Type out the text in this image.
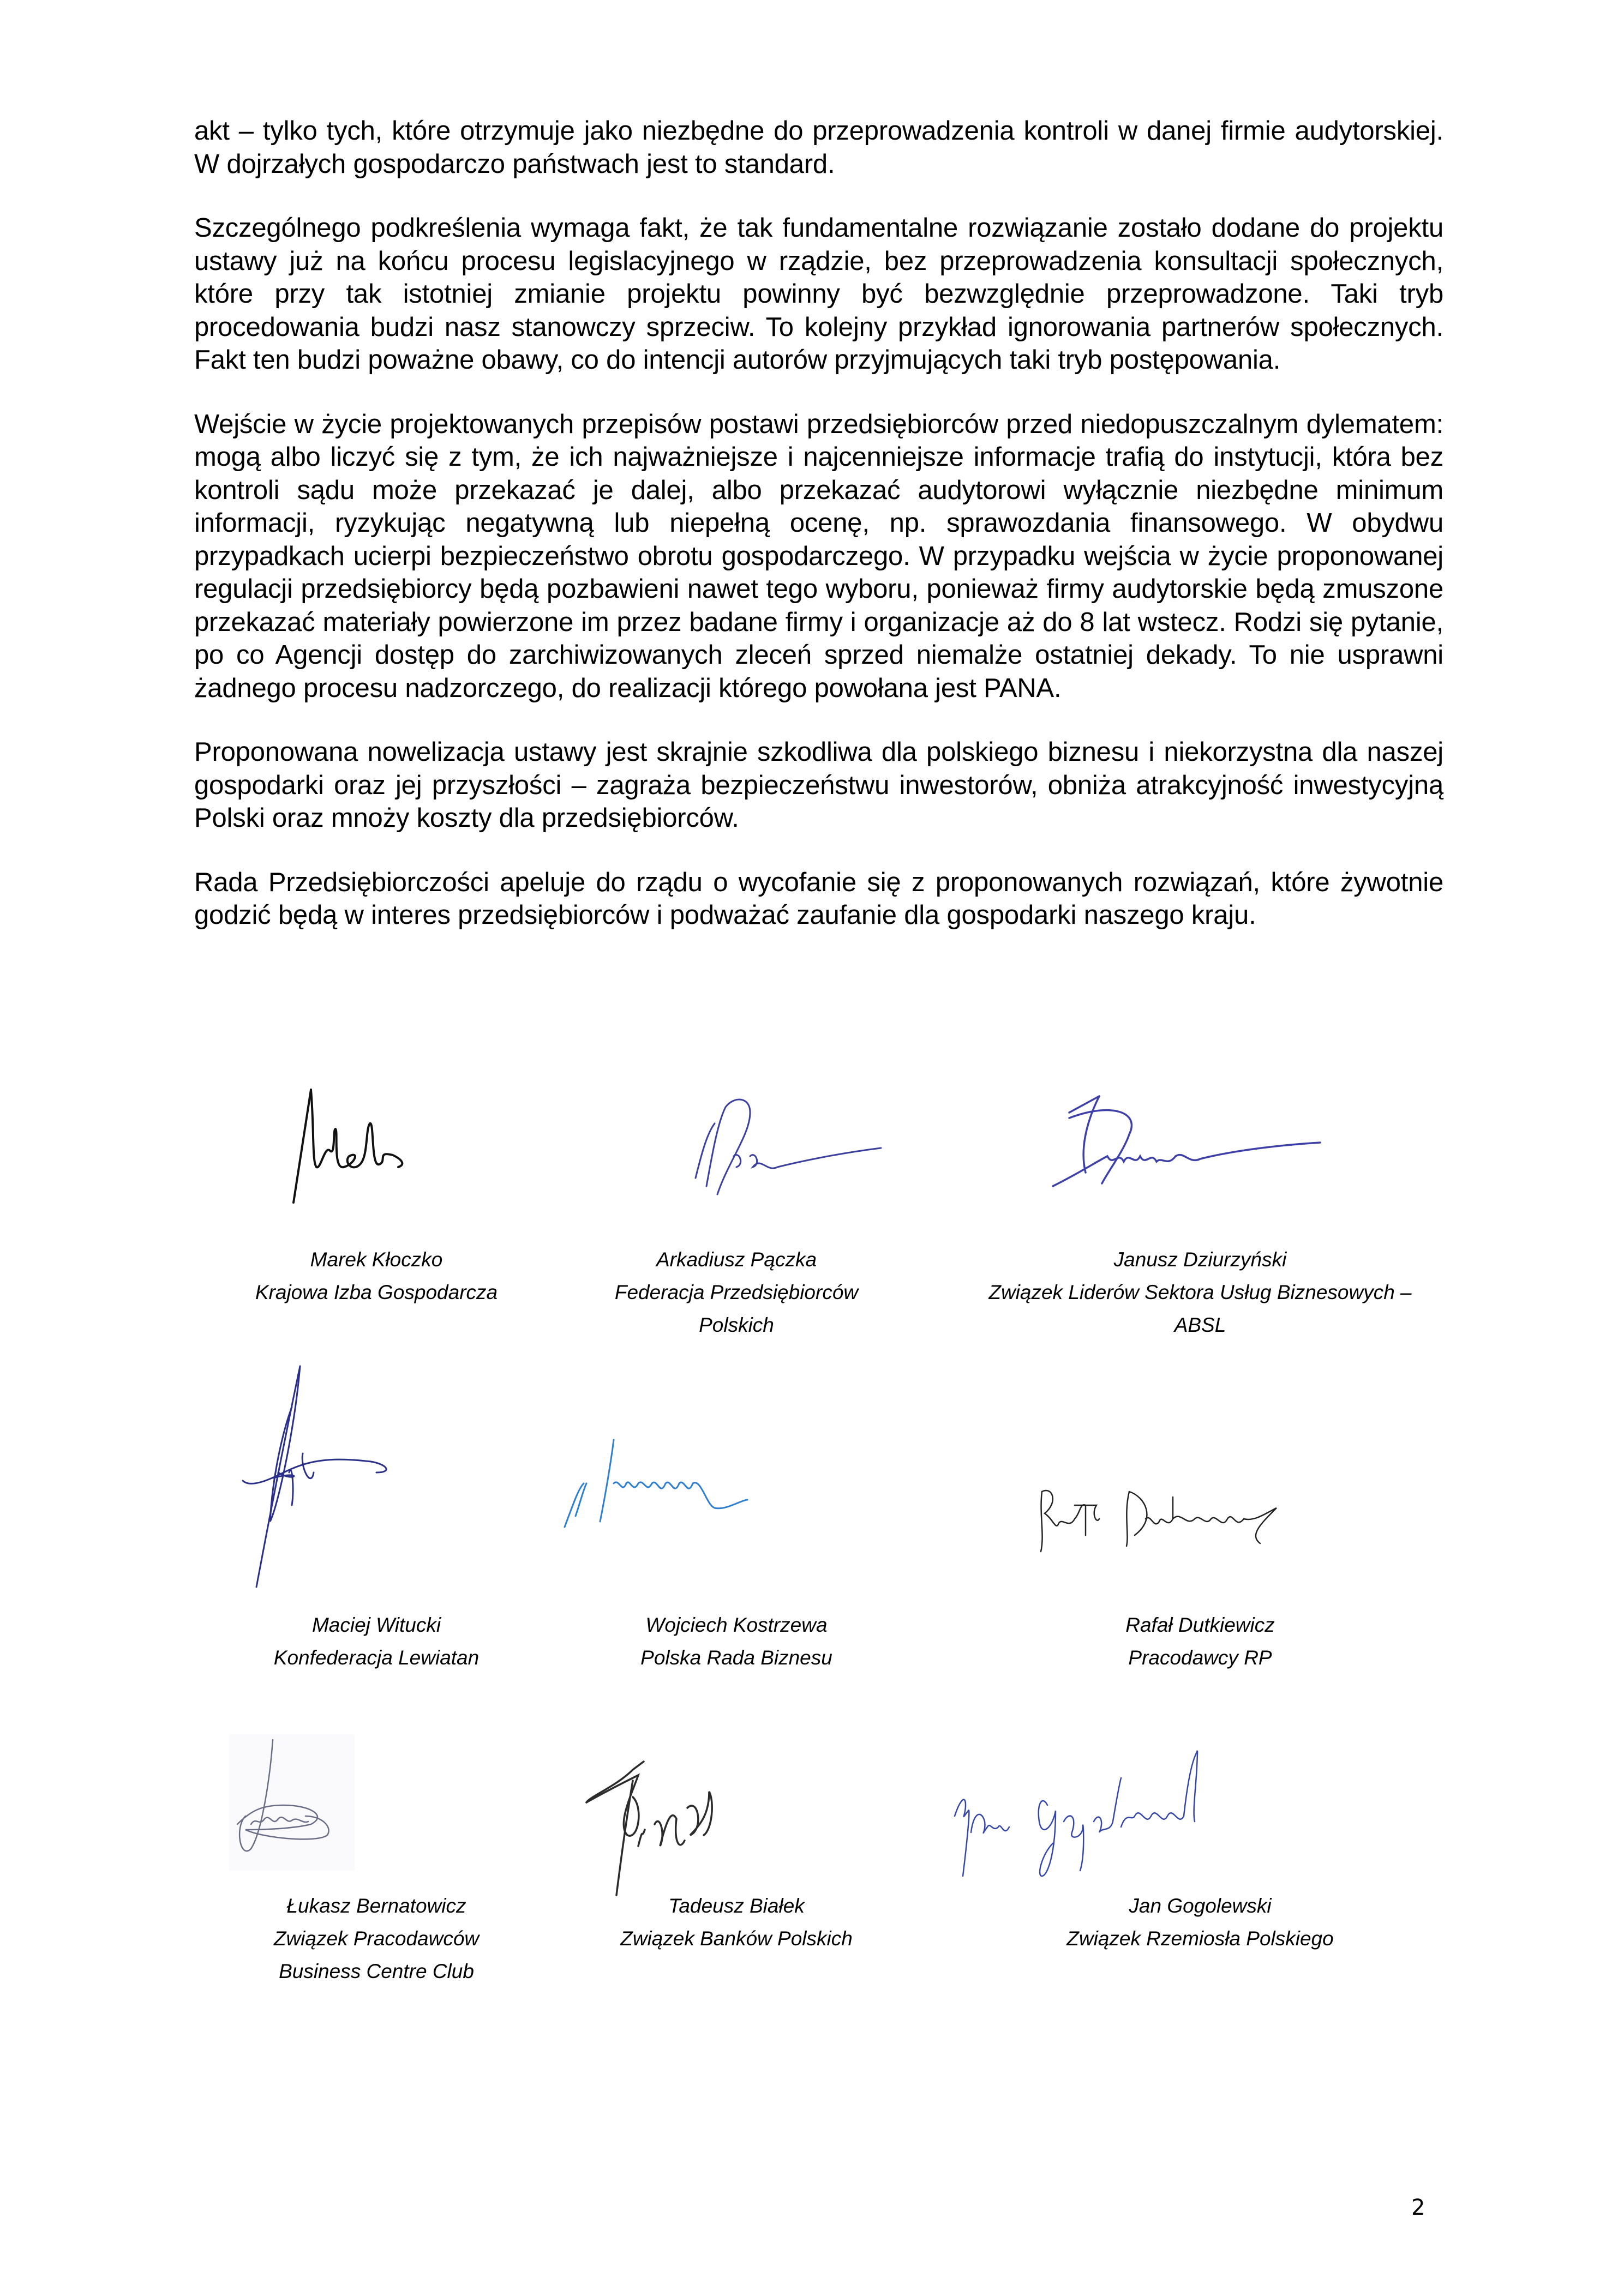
akt – tylko tych, które otrzymuje jako niezbędne do przeprowadzenia kontroli w danej firmie audytorskiej. W dojrzałych gospodarczo państwach jest to standard.

Szczególnego podkreślenia wymaga fakt, że tak fundamentalne rozwiązanie zostało dodane do projektu ustawy już na końcu procesu legislacyjnego w rządzie, bez przeprowadzenia konsultacji społecznych, które przy tak istotniej zmianie projektu powinny być bezwzględnie przeprowadzone. Taki tryb procedowania budzi nasz stanowczy sprzeciw. To kolejny przykład ignorowania partnerów społecznych. Fakt ten budzi poważne obawy, co do intencji autorów przyjmujących taki tryb postępowania.

Wejście w życie projektowanych przepisów postawi przedsiębiorców przed niedopuszczalnym dylematem: mogą albo liczyć się z tym, że ich najważniejsze i najcenniejsze informacje trafią do instytucji, która bez kontroli sądu może przekazać je dalej, albo przekazać audytorowi wyłącznie niezbędne minimum informacji, ryzykując negatywną lub niepełną ocenę, np. sprawozdania finansowego. W obydwu przypadkach ucierpi bezpieczeństwo obrotu gospodarczego. W przypadku wejścia w życie proponowanej regulacji przedsiębiorcy będą pozbawieni nawet tego wyboru, ponieważ firmy audytorskie będą zmuszone przekazać materiały powierzone im przez badane firmy i organizacje aż do 8 lat wstecz. Rodzi się pytanie, po co Agencji dostęp do zarchiwizowanych zleceń sprzed niemalże ostatniej dekady. To nie usprawni żadnego procesu nadzorczego, do realizacji którego powołana jest PANA.

Proponowana nowelizacja ustawy jest skrajnie szkodliwa dla polskiego biznesu i niekorzystna dla naszej gospodarki oraz jej przyszłości – zagraża bezpieczeństwu inwestorów, obniża atrakcyjność inwestycyjną Polski oraz mnoży koszty dla przedsiębiorców.

Rada Przedsiębiorczości apeluje do rządu o wycofanie się z proponowanych rozwiązań, które żywotnie godzić będą w interes przedsiębiorców i podważać zaufanie dla gospodarki naszego kraju.

Marek Kłoczko
Krajowa Izba Gospodarcza
Arkadiusz Pączka
Federacja Przedsiębiorców
Polskich
Janusz Dziurzyński
Związek Liderów Sektora Usług Biznesowych –
ABSL
Maciej Witucki
Konfederacja Lewiatan
Wojciech Kostrzewa
Polska Rada Biznesu
Rafał Dutkiewicz
Pracodawcy RP
Łukasz Bernatowicz
Związek Pracodawców
Business Centre Club
Tadeusz Białek
Związek Banków Polskich
Jan Gogolewski
Związek Rzemiosła Polskiego
2
